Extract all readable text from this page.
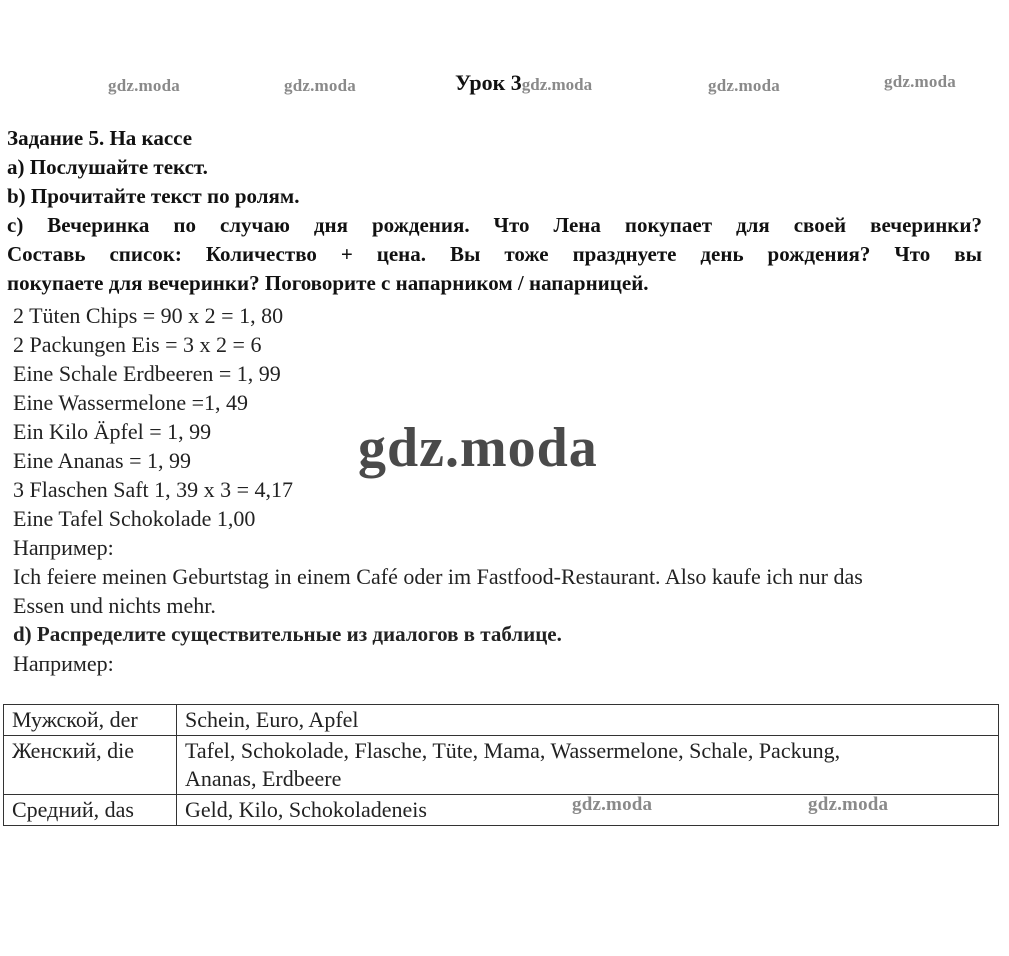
gdz.moda	gdz.moda	Урок 3gdz.moda	gdz.moda	gdz.moda
Задание 5. На кассе
а) Послушайте текст.
b) Прочитайте текст по ролям.
с) Вечеринка по случаю дня рождения. Что Лена покупает для своей вечеринки?
Составь список: Количество + цена. Вы тоже празднуете день рождения? Что вы
покупаете для вечеринки? Поговорите с напарником / напарницей.
2 Tüten Chips = 90 x 2 = 1, 80
2 Packungen Eis = 3 x 2 = 6
Eine Schale Erdbeeren = 1, 99
Eine Wassermelone =1, 49
Ein Kilo Äpfel = 1, 99
Eine Ananas = 1, 99
3 Flaschen Saft 1, 39 x 3 = 4,17
Eine Tafel Schokolade 1,00
Например:
Ich feiere meinen Geburtstag in einem Café oder im Fastfood-Restaurant. Also kaufe ich nur das
Essen und nichts mehr.
d) Распределите существительные из диалогов в таблице.
Например:
gdz.moda
Мужской, der	Schein, Euro, Apfel
Женский, die	Tafel, Schokolade, Flasche, Tüte, Mama, Wassermelone, Schale, Packung,
Ananas, Erdbeere

Средний, das	Geld, Kilo, Schokoladeneis	gdz.moda	gdz.moda
